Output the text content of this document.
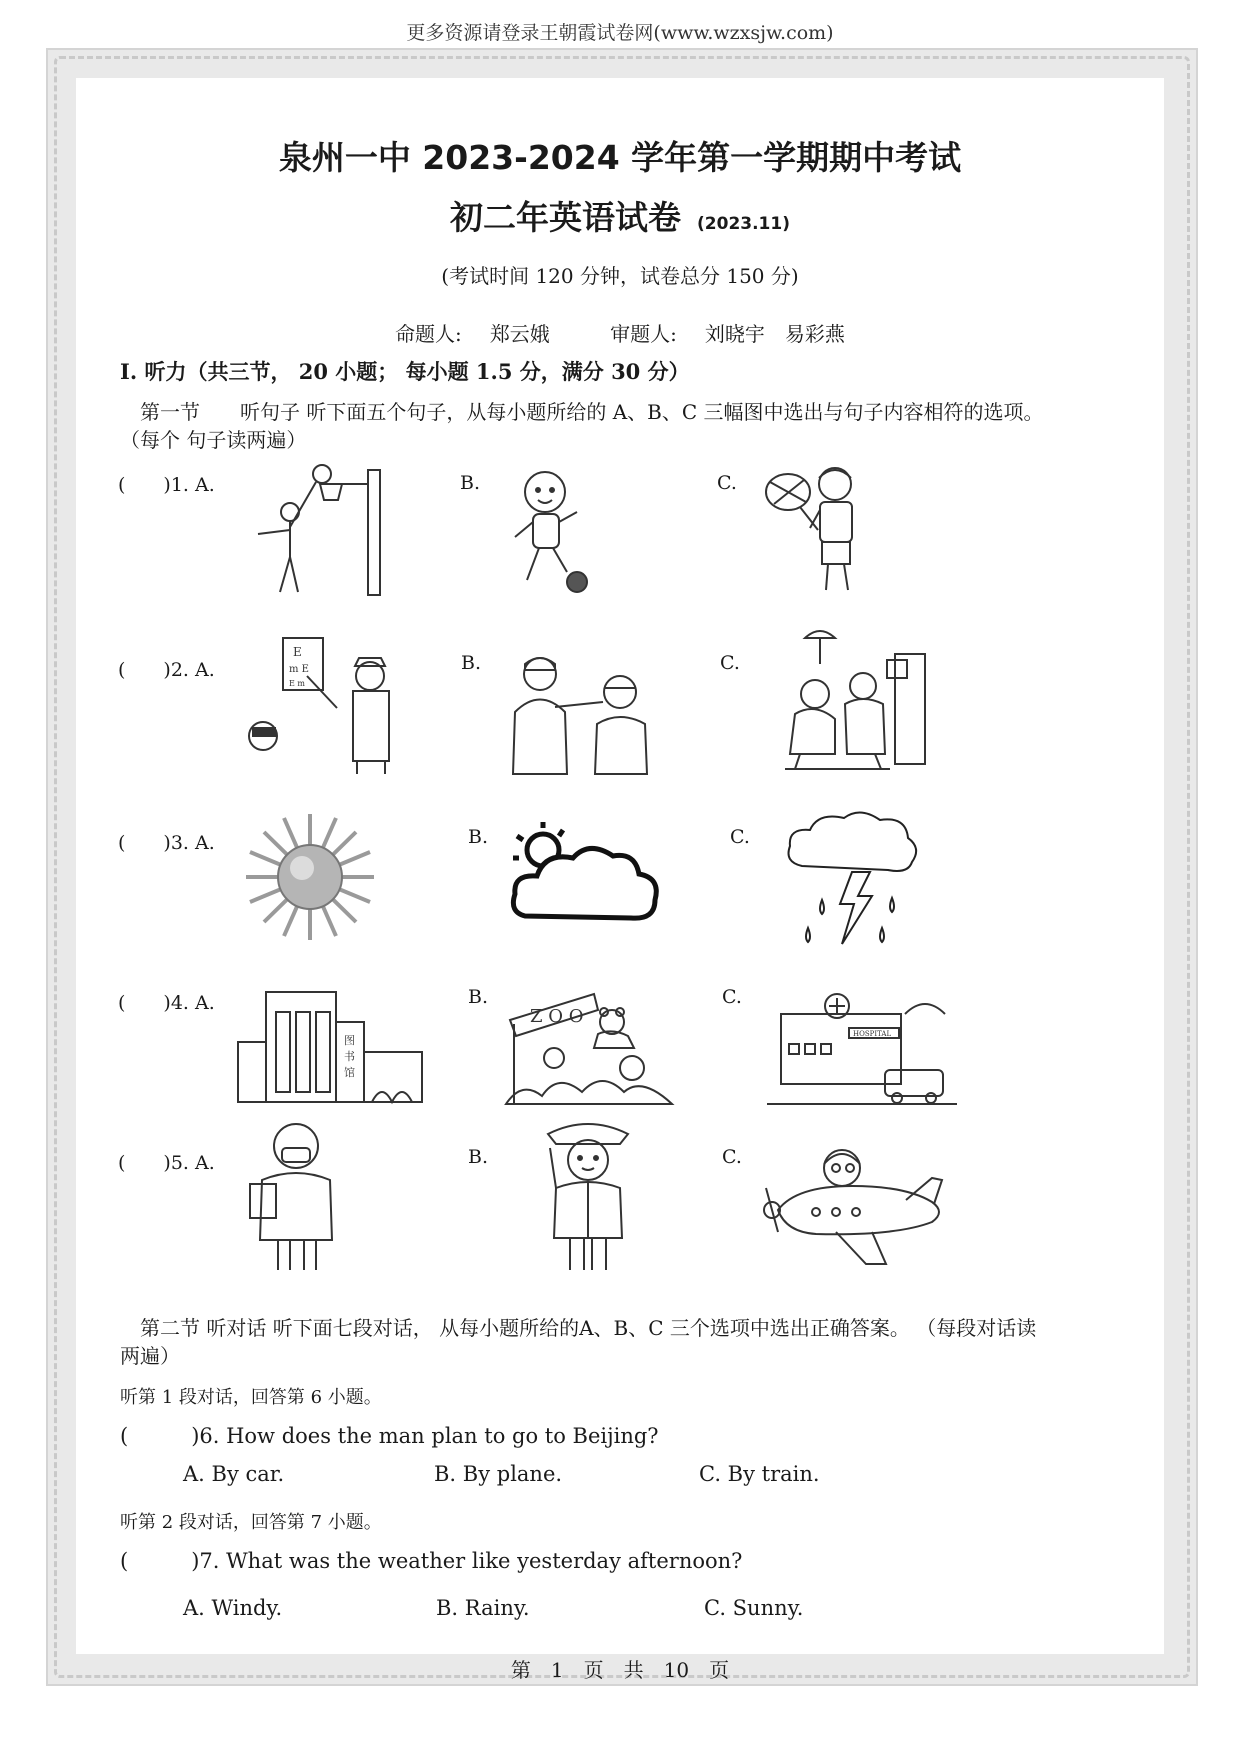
更多资源请登录王朝霞试卷网(www.wzxsjw.com)
泉州一中 2023-2024 学年第一学期期中考试
初二年英语试卷 (2023.11)
(考试时间 120 分钟，试卷总分 150 分)
命题人: 郑云娥	审题人: 刘晓宇　易彩燕
I. 听力（共三节， 20 小题； 每小题 1.5 分，满分 30 分）
第一节　　听句子 听下面五个句子，从每小题所给的 A、B、C 三幅图中选出与句子内容相符的选项。
（每个 句子读两遍）
(　　)1. A.	B.	C.
(　　)2. A.	B.	C.
E
m E
E m
(　　)3. A.	B.	C.
(　　)4. A.	B.	C.
图
书
馆
Z O O
HOSPITAL
(　　)5. A.	B.	C.
第二节 听对话 听下面七段对话， 从每小题所给的A、B、C 三个选项中选出正确答案。 （每段对话读
两遍）
听第 1 段对话，回答第 6 小题。
(　　　)6. How does the man plan to go to Beijing?
A. By car.	B. By plane.	C. By train.
听第 2 段对话，回答第 7 小题。
(　　　)7. What was the weather like yesterday afternoon?
A. Windy.	B. Rainy.	C. Sunny.
第　1　页　共　10　页
